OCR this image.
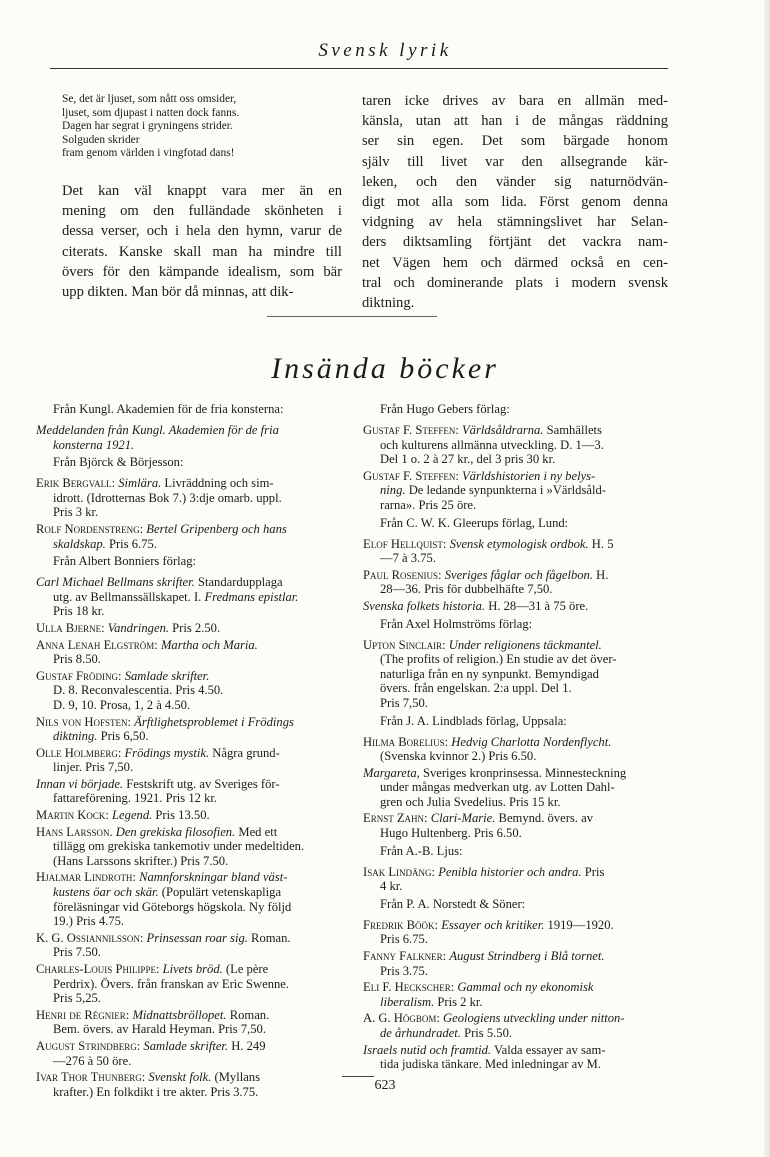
Svensk lyrik
Se, det är ljuset, som nått oss omsider,
ljuset, som djupast i natten dock fanns.
Dagen har segrat i gryningens strider.
Solguden skrider
fram genom världen i vingfotad dans!
Det kan väl knappt vara mer än en
mening om den fulländade skönheten i
dessa verser, och i hela den hymn, varur de
citerats. Kanske skall man ha mindre till
övers för den kämpande idealism, som bär
upp dikten. Man bör då minnas, att dik-
taren icke drives av bara en allmän med-
känsla, utan att han i de mångas räddning
ser sin egen. Det som bärgade honom
själv till livet var den allsegrande kär-
leken, och den vänder sig naturnödvän-
digt mot alla som lida. Först genom denna
vidgning av hela stämningslivet har Selan-
ders diktsamling förtjänt det vackra nam-
net Vägen hem och därmed också en cen-
tral och dominerande plats i modern svensk
diktning.
Insända böcker
Från Kungl. Akademien för de fria konsterna:
Meddelanden från Kungl. Akademien för de fria
konsterna 1921.
Från Björck & Börjesson:
Erik Bergvall: Simlära. Livräddning och sim-
idrott. (Idrotternas Bok 7.) 3:dje omarb. uppl.
Pris 3 kr.
Rolf Nordenstreng: Bertel Gripenberg och hans
skaldskap. Pris 6.75.
Från Albert Bonniers förlag:
Carl Michael Bellmans skrifter. Standardupplaga
utg. av Bellmanssällskapet. I. Fredmans epistlar.
Pris 18 kr.
Ulla Bjerne: Vandringen. Pris 2.50.
Anna Lenah Elgström: Martha och Maria.
Pris 8.50.
Gustaf Fröding: Samlade skrifter.
D. 8. Reconvalescentia. Pris 4.50.
D. 9, 10. Prosa, 1, 2 à 4.50.
Nils von Hofsten: Ärftlighetsproblemet i Frödings
diktning. Pris 6,50.
Olle Holmberg: Frödings mystik. Några grund-
linjer. Pris 7,50.
Innan vi började. Festskrift utg. av Sveriges för-
fattareförening. 1921. Pris 12 kr.
Martin Kock: Legend. Pris 13.50.
Hans Larsson. Den grekiska filosofien. Med ett
tillägg om grekiska tankemotiv under medeltiden.
(Hans Larssons skrifter.) Pris 7.50.
Hjalmar Lindroth: Namnforskningar bland väst-
kustens öar och skär. (Populärt vetenskapliga
föreläsningar vid Göteborgs högskola. Ny följd
19.) Pris 4.75.
K. G. Ossiannilsson: Prinsessan roar sig. Roman.
Pris 7.50.
Charles-Louis Philippe: Livets bröd. (Le père
Perdrix). Övers. från franskan av Eric Swenne.
Pris 5,25.
Henri de Régnier: Midnattsbröllopet. Roman.
Bem. övers. av Harald Heyman. Pris 7,50.
August Strindberg: Samlade skrifter. H. 249
—276 à 50 öre.
Ivar Thor Thunberg: Svenskt folk. (Myllans
krafter.) En folkdikt i tre akter. Pris 3.75.
Från Hugo Gebers förlag:
Gustaf F. Steffen: Världsåldrarna. Samhällets
och kulturens allmänna utveckling. D. 1—3.
Del 1 o. 2 à 27 kr., del 3 pris 30 kr.
Gustaf F. Steffen: Världshistorien i ny belys-
ning. De ledande synpunkterna i »Världsåld-
rarna». Pris 25 öre.
Från C. W. K. Gleerups förlag, Lund:
Elof Hellquist: Svensk etymologisk ordbok. H. 5
—7 à 3.75.
Paul Rosenius: Sveriges fåglar och fågelbon. H.
28—36. Pris för dubbelhäfte 7,50.
Svenska folkets historia. H. 28—31 à 75 öre.
Från Axel Holmströms förlag:
Upton Sinclair: Under religionens täckmantel.
(The profits of religion.) En studie av det över-
naturliga från en ny synpunkt. Bemyndigad
övers. från engelskan. 2:a uppl. Del 1.
Pris 7,50.
Från J. A. Lindblads förlag, Uppsala:
Hilma Borelius: Hedvig Charlotta Nordenflycht.
(Svenska kvinnor 2.) Pris 6.50.
Margareta, Sveriges kronprinsessa. Minnesteckning
under mångas medverkan utg. av Lotten Dahl-
gren och Julia Svedelius. Pris 15 kr.
Ernst Zahn: Clari-Marie. Bemynd. övers. av
Hugo Hultenberg. Pris 6.50.
Från A.-B. Ljus:
Isak Lindäng: Penibla historier och andra. Pris
4 kr.
Från P. A. Norstedt & Söner:
Fredrik Böök: Essayer och kritiker. 1919—1920.
Pris 6.75.
Fanny Falkner: August Strindberg i Blå tornet.
Pris 3.75.
Eli F. Heckscher: Gammal och ny ekonomisk
liberalism. Pris 2 kr.
A. G. Högbom: Geologiens utveckling under nitton-
de århundradet. Pris 5.50.
Israels nutid och framtid. Valda essayer av sam-
tida judiska tänkare. Med inledningar av M.
623
